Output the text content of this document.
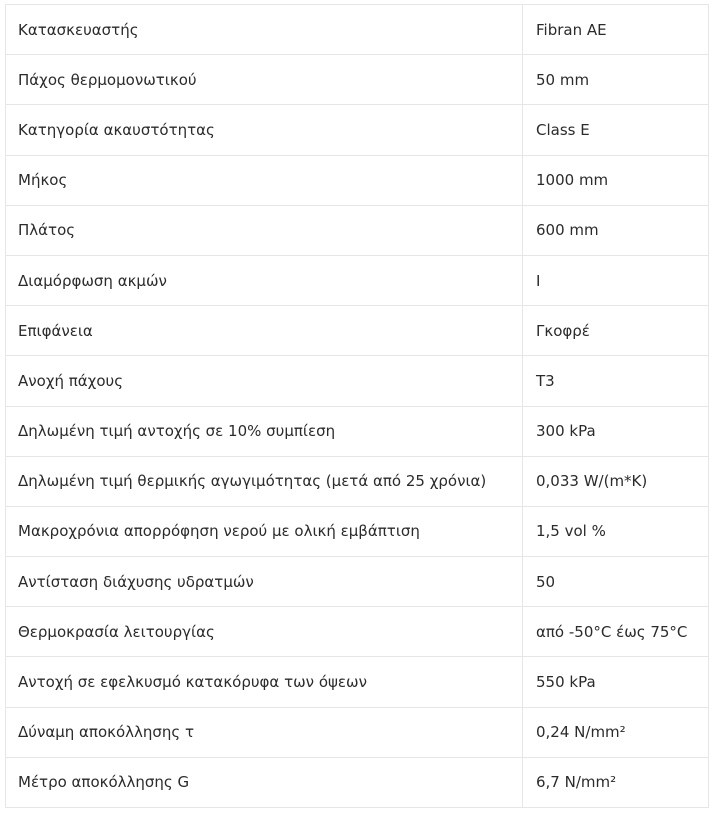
Κατασκευαστής	Fibran AE
Πάχος θερμομονωτικού	50 mm
Κατηγορία ακαυστότητας	Class E
Μήκος	1000 mm
Πλάτος	600 mm
Διαμόρφωση ακμών	I
Επιφάνεια	Γκοφρέ
Ανοχή πάχους	T3
Δηλωμένη τιμή αντοχής σε 10% συμπίεση	300 kPa
Δηλωμένη τιμή θερμικής αγωγιμότητας (μετά από 25 χρόνια)	0,033 W/(m*K)
Μακροχρόνια απορρόφηση νερού με ολική εμβάπτιση	1,5 vol %
Αντίσταση διάχυσης υδρατμών	50
Θερμοκρασία λειτουργίας	από -50°C έως 75°C
Αντοχή σε εφελκυσμό κατακόρυφα των όψεων	550 kPa
Δύναμη αποκόλλησης τ	0,24 N/mm²
Μέτρο αποκόλλησης G	6,7 N/mm²
